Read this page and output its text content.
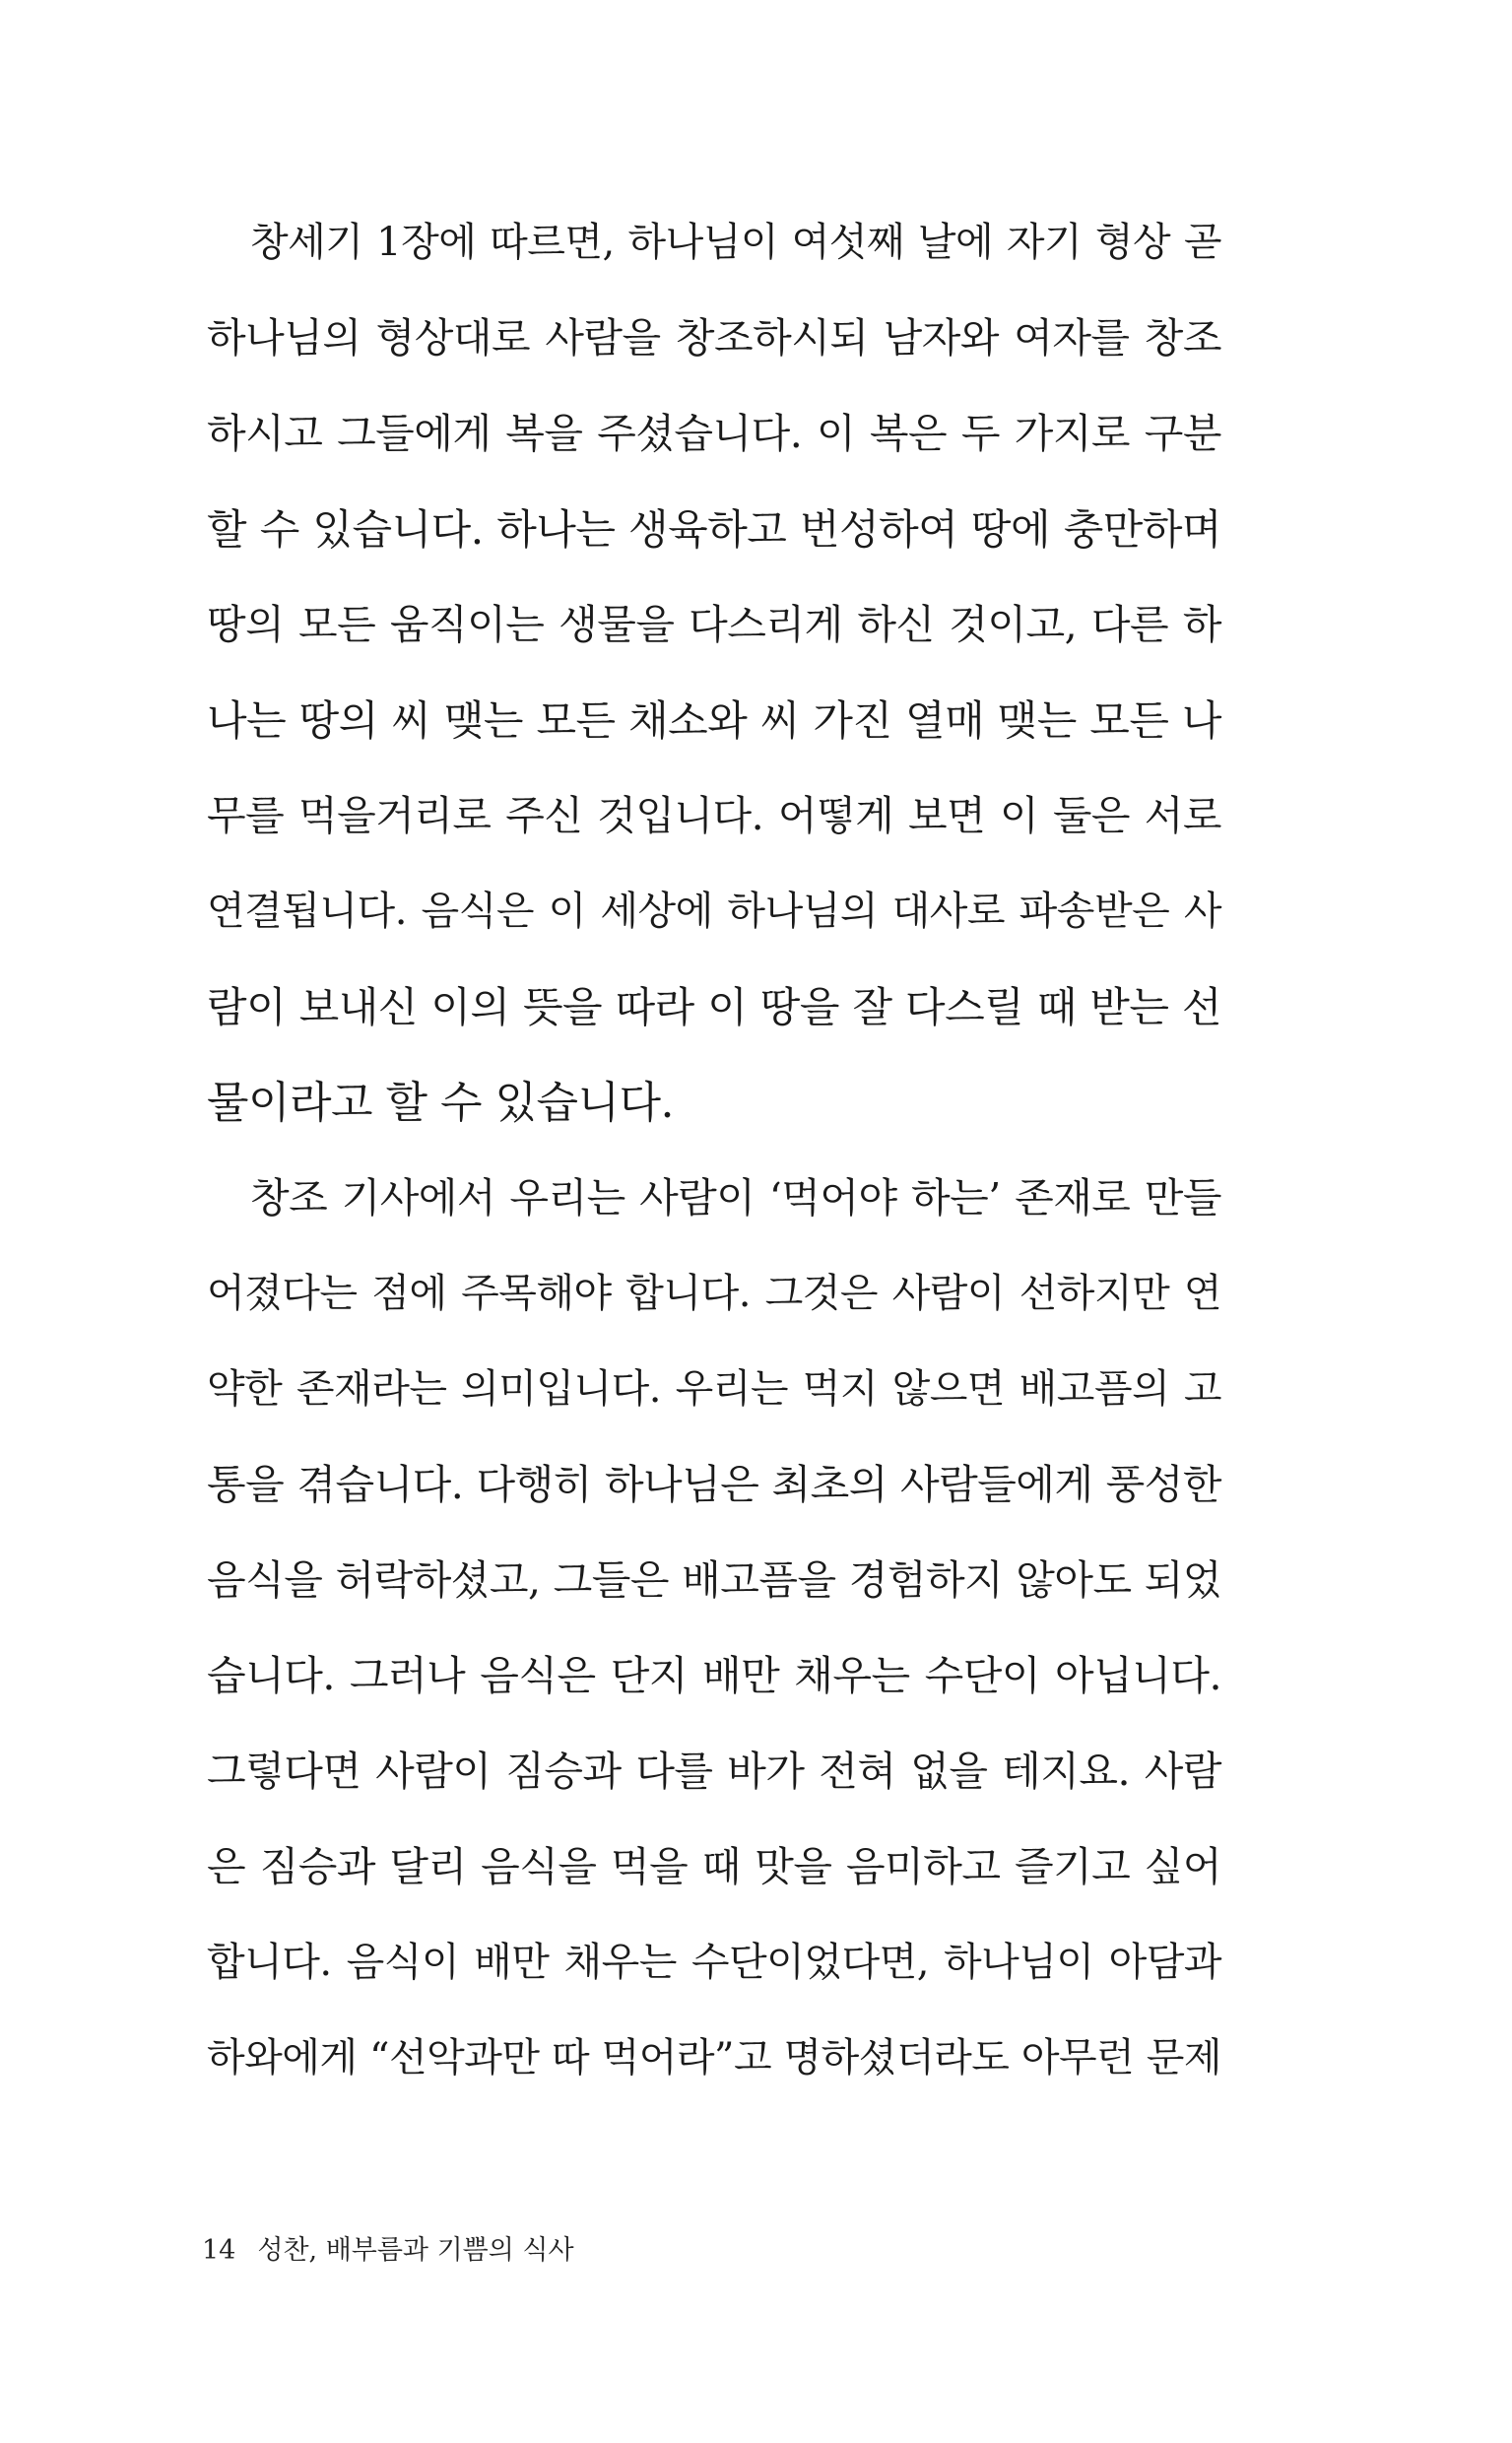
창세기 1장에 따르면, 하나님이 여섯째 날에 자기 형상 곧
하나님의 형상대로 사람을 창조하시되 남자와 여자를 창조
하시고 그들에게 복을 주셨습니다. 이 복은 두 가지로 구분
할 수 있습니다. 하나는 생육하고 번성하여 땅에 충만하며
땅의 모든 움직이는 생물을 다스리게 하신 것이고, 다른 하
나는 땅의 씨 맺는 모든 채소와 씨 가진 열매 맺는 모든 나
무를 먹을거리로 주신 것입니다. 어떻게 보면 이 둘은 서로
연결됩니다. 음식은 이 세상에 하나님의 대사로 파송받은 사
람이 보내신 이의 뜻을 따라 이 땅을 잘 다스릴 때 받는 선
물이라고 할 수 있습니다.
창조 기사에서 우리는 사람이 ‘먹어야 하는’ 존재로 만들
어졌다는 점에 주목해야 합니다. 그것은 사람이 선하지만 연
약한 존재라는 의미입니다. 우리는 먹지 않으면 배고픔의 고
통을 겪습니다. 다행히 하나님은 최초의 사람들에게 풍성한
음식을 허락하셨고, 그들은 배고픔을 경험하지 않아도 되었
습니다. 그러나 음식은 단지 배만 채우는 수단이 아닙니다.
그렇다면 사람이 짐승과 다를 바가 전혀 없을 테지요. 사람
은 짐승과 달리 음식을 먹을 때 맛을 음미하고 즐기고 싶어
합니다. 음식이 배만 채우는 수단이었다면, 하나님이 아담과
하와에게 “선악과만 따 먹어라”고 명하셨더라도 아무런 문제
14 성찬, 배부름과 기쁨의 식사
